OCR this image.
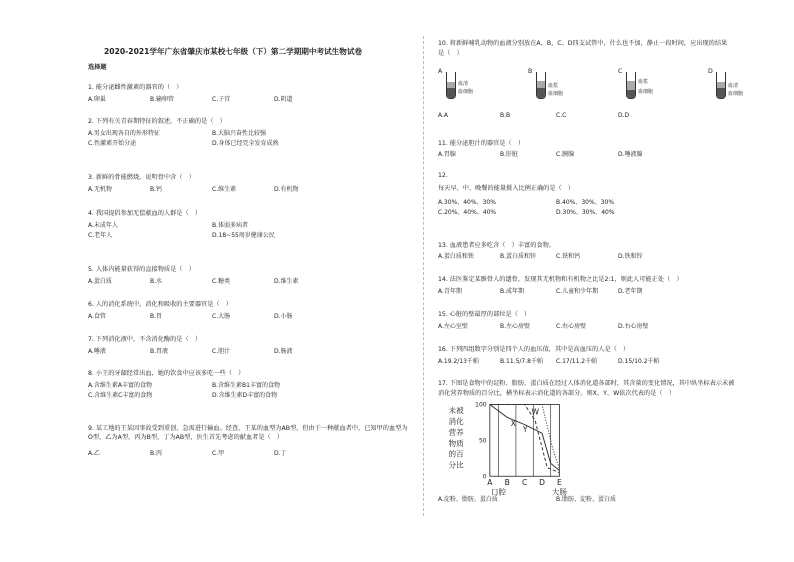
2020-2021学年广东省肇庆市某校七年级（下）第二学期期中考试生物试卷
选择题
1. 能分泌雌性激素的器官的（　）
A.卵巢	B.输卵管	C.子宫	D.阴道
2. 下列有关青春期特征的叙述，不正确的是（　）
A.男女出现各自的外形特征	B.大脑兴奋性比较强
C.性激素开始分泌	D.身体已经完全发育成熟
3. 新鲜的骨能燃烧，说明骨中含（　）
A.无机物	B.钙	C.维生素	D.有机物
4. 我国提倡参加无偿献血的人群是（　）
A.未成年人	B.体弱多病者
C.老年人	D.18~55周岁健康公民
5. 人体内能量获得的直接物质是（　）
A.蛋白质	B.水	C.糖类	D.维生素
6. 人的消化系统中，消化和吸收的主要器官是（　）
A.食管	B.胃	C.大肠	D.小肠
7. 下列消化液中，不含消化酶的是（　）
A.唾液	B.胃液	C.胆汁	D.肠液
8. 小王的牙龈经常出血，她的饮食中应该多吃一些（　）
A.含维生素A丰富的食物	B.含维生素B1丰富的食物
C.含维生素C丰富的食物	D.含维生素D丰富的食物
9. 某工地的王某因事故受到重创，急需进行输血。经查，王某的血型为AB型，但由于一种献血者中，已知甲的血型为O型，乙为A型，丙为B型，丁为AB型，医生首先考虑的献血者是（　）
A.乙	B.丙	C.甲	D.丁
10. 将新鲜哺乳动物的血液分别放在A、B、C、D四支试管中，什么也不加，静止一段时间，应出现的结果
是（　）
A
血清
血细胞
B
血浆
血细胞
C
血浆
血细胞
D
血清
血细胞
A.A	B.B	C.C	D.D
11. 能分泌胆汁的器官是（　）
A.胃腺	B.肝脏	C.胰腺	D.唾液腺
12.
每天早、中、晚餐的能量摄入比例正确的是（　）
A.30%、40%、30%	B.40%、30%、30%
C.20%、40%、40%	D.30%、30%、40%
13. 血液患者应多吃含（　）丰富的食物。
A.蛋白质和铁	B.蛋白质和锌	C.铁和钙	D.铁和锌
14. 法医鉴定某骸骨人的遗骨，发现其无机物和有机物之比是2:1，则此人可能正处（　）
A.青年期	B.成年期	C.儿童和少年期	D.老年期
15. 心脏的壁最厚的部位是（　）
A.左心室壁	B.左心房壁	C.右心房壁	D.右心房壁
16. 下列四组数字分别是四个人的血压值，其中是高血压的人是（　）
A.19.2/13千帕	B.11.5/7.8千帕 C.17/11.2千帕	D.15/10.2千帕
17. 下图是食物中的淀粉、脂肪、蛋白质在经过人体消化道各部时，其含量的变化情况，其中纵坐标表示未被
消化营养物质的百分比，横坐标表示消化道的各部分。则X、Y、W依次代表的是（　）
A.淀粉、脂肪、蛋白质	B.脂肪、淀粉、蛋白质
未被
消化
营养
物质
的百
分比
0
50
100
A B C D E
口腔	大肠
X
Y
W
